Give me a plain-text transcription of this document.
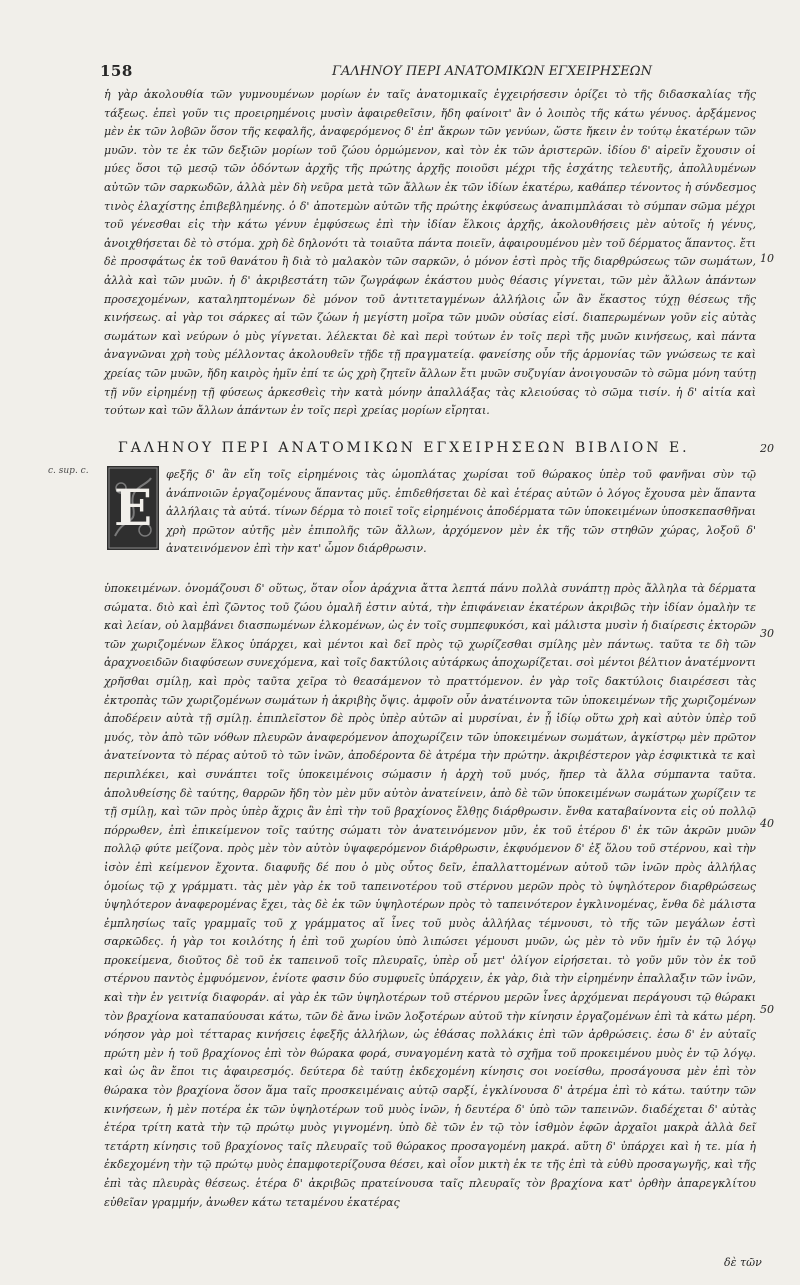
158	ΓΑΛΗΝΟΥ ΠΕΡΙ ΑΝΑΤΟΜΙΚΩΝ ΕΓΧΕΙΡΗΣΕΩΝ

ἡ γὰρ ἀκολουθία τῶν γυμνουμένων μορίων ἐν ταῖς ἀνατομικαῖς ἐγχειρήσεσιν ὁρίζει τὸ τῆς διδασκαλίας τῆς τάξεως. ἐπεὶ γοῦν τις προειρημένοις μυσὶν ἀφαιρεθεῖσιν, ἤδη φαίνοιτ' ἂν ὁ λοιπὸς τῆς κάτω γένυος. ἀρξάμενος μὲν ἐκ τῶν λοβῶν ὅσον τῆς κεφαλῆς, ἀναφερόμενος δ' ἐπ' ἄκρων τῶν γενύων, ὥστε ἤκειν ἐν τούτῳ ἑκατέρων τῶν μυῶν. τὸν τε ἐκ τῶν δεξιῶν μορίων τοῦ ζώου ὁρμώμενον, καὶ τὸν ἐκ τῶν ἀριστερῶν. ἰδίου δ' αἱρεῖν ἔχουσιν οἱ μύες ὅσοι τῷ μεσῷ τῶν ὀδόντων ἀρχῆς τῆς πρώτης ἀρχῆς ποιοῦσι μέχρι τῆς ἐσχάτης τελευτῆς, ἀπολλυμένων αὐτῶν τῶν σαρκωδῶν, ἀλλὰ μὲν δὴ νεῦρα μετὰ τῶν ἄλλων ἐκ τῶν ἰδίων ἑκατέρω, καθάπερ τένοντος ἡ σύνδεσμος τινὸς ἐλαχίστης ἐπιβεβλημένης. ὁ δ' ἀποτεμὼν αὐτῶν τῆς πρώτης ἐκφύσεως ἀναπιμπλάσαι τὸ σύμπαν σῶμα μέχρι τοῦ γένεσθαι εἰς τὴν κάτω γένυν ἐμφύσεως ἐπὶ τὴν ἰδίαν ἕλκοις ἀρχῆς, ἀκολουθήσεις μὲν αὐτοῖς ἡ γένυς, ἀνοιχθήσεται δὲ τὸ στόμα. χρὴ δὲ δηλονότι τὰ τοιαῦτα πάντα ποιεῖν, ἀφαιρουμένου μὲν τοῦ δέρματος ἅπαντος. ἔτι δὲ προσφάτως ἐκ τοῦ θανάτου ἢ διὰ τὸ μαλακὸν τῶν σαρκῶν, ὁ μόνον ἐστὶ πρὸς τῆς διαρθρώσεως τῶν σωμάτων, ἀλλὰ καὶ τῶν μυῶν. ἡ δ' ἀκριβεστάτη τῶν ζωγράφων ἑκάστου μυὸς θέασις γίγνεται, τῶν μὲν ἄλλων ἀπάντων προσεχομένων, καταληπτομένων δὲ μόνον τοῦ ἀντιτεταγμένων ἀλλήλοις ὧν ἂν ἕκαστος τύχῃ θέσεως τῆς κινήσεως. αἱ γὰρ τοι σάρκες αἱ τῶν ζώων ἡ μεγίστη μοῖρα τῶν μυῶν οὐσίας εἰσί. διαπερωμένων γοῦν εἰς αὐτὰς σωμάτων καὶ νεύρων ὁ μὺς γίγνεται. λέλεκται δὲ καὶ περὶ τούτων ἐν τοῖς περὶ τῆς μυῶν κινήσεως, καὶ πάντα ἀναγνῶναι χρὴ τοὺς μέλλοντας ἀκολουθεῖν τῇδε τῇ πραγματείᾳ. φανείσης οὖν τῆς ἁρμονίας τῶν γνώσεως τε καὶ χρείας τῶν μυῶν, ἤδη καιρὸς ἡμῖν ἐπί τε ὡς χρὴ ζητεῖν ἄλλων ἔτι μυῶν συζυγίαν ἀνοιγουσῶν τὸ σῶμα μόνη ταύτῃ τῇ νῦν εἰρημένῃ τῇ φύσεως ἀρκεσθεὶς τὴν κατὰ μόνην ἀπαλλάξας τὰς κλειούσας τὸ σῶμα τισίν. ἡ δ' αἰτία καὶ τούτων καὶ τῶν ἄλλων ἁπάντων ἐν τοῖς περὶ χρείας μορίων εἴρηται.

ΓΑΛΗΝΟΥ ΠΕΡΙ ΑΝΑΤΟΜΙΚΩΝ ΕΓΧΕΙΡΗΣΕΩΝ ΒΙΒΛΙΟΝ Ε.
c. sup. c.
Ε

φεξῆς δ' ἂν εἴη τοῖς εἰρημένοις τὰς ὠμοπλάτας χωρίσαι τοῦ θώρακος ὑπὲρ τοῦ φανῆναι σὺν τῷ ἀνάπνοιῶν ἐργαζομένους ἅπαντας μῦς. ἐπιδεθήσεται δὲ καὶ ἑτέρας αὐτῶν ὁ λόγος ἔχουσα μὲν ἅπαντα ἀλλήλαις τὰ αὐτά. τίνων δέρμα τὸ ποιεῖ τοῖς εἰρημένοις ἀποδέρματα τῶν ὑποκειμένων ὑποσκεπασθῆναι χρὴ πρῶτον αὐτῆς μὲν ἐπιπολῆς τῶν ἄλλων, ἀρχόμενον μὲν ἐκ τῆς τῶν στηθῶν χώρας, λοξοῦ δ' ἀνατεινόμενον ἐπὶ τὴν κατ' ὦμον διάρθρωσιν.

ὑποκειμένων. ὀνομάζουσι δ' οὕτως, ὅταν οἷον ἀράχνια ἄττα λεπτά πάνυ πολλὰ συνάπτῃ πρὸς ἄλληλα τὰ δέρματα σώματα. διὸ καὶ ἐπὶ ζῶντος τοῦ ζώου ὁμαλῆ ἐστιν αὐτά, τὴν ἐπιφάνειαν ἑκατέρων ἀκριβῶς τὴν ἰδίαν ὁμαλὴν τε καὶ λείαν, οὐ λαμβάνει διασπωμένων ἑλκομένων, ὡς ἐν τοῖς συμπεφυκόσι, καὶ μάλιστα μυσὶν ἡ διαίρεσις ἐκτορῶν τῶν χωριζομένων ἕλκος ὑπάρχει, καὶ μέντοι καὶ δεῖ πρὸς τῷ χωρίζεσθαι σμίλης μὲν πάντως. ταῦτα τε δὴ τῶν ἀραχνοειδῶν διαφύσεων συνεχόμενα, καὶ τοῖς δακτύλοις αὐτάρκως ἀποχωρίζεται. σοὶ μέντοι βέλτιον ἀνατέμνοντι χρῆσθαι σμίλῃ, καὶ πρὸς ταῦτα χεῖρα τὸ θεασάμενον τὸ πραττόμενον. ἐν γὰρ τοῖς δακτύλοις διαιρέσεσι τὰς ἐκτροπὰς τῶν χωριζομένων σωμάτων ἡ ἀκριβὴς ὄψις. ἀμφοῖν οὖν ἀνατέινοντα τῶν ὑποκειμένων τῆς χωριζομένων ἀποδέρειν αὐτὰ τῇ σμίλῃ. ἐπιπλεῖστον δὲ πρὸς ὑπὲρ αὐτῶν αἱ μυρσίναι, ἐν ᾗ ἰδίῳ οὕτω χρὴ καὶ αὐτὸν ὑπὲρ τοῦ μυός, τὸν ἀπὸ τῶν νόθων πλευρῶν ἀναφερόμενον ἀποχωρίζειν τῶν ὑποκειμένων σωμάτων, ἀγκίστρῳ μὲν πρῶτον ἀνατείνοντα τὸ πέρας αὐτοῦ τὸ τῶν ἰνῶν, ἀποδέροντα δὲ ἀτρέμα τὴν πρώτην. ἀκριβέστερον γὰρ ἐσφικτικὰ τε καὶ περιπλέκει, καὶ συνάπτει τοῖς ὑποκειμένοις σώμασιν ἡ ἀρχὴ τοῦ μυός, ἤπερ τὰ ἄλλα σύμπαντα ταῦτα. ἀπολυθείσης δὲ ταύτης, θαρρῶν ἤδη τὸν μὲν μῦν αὐτὸν ἀνατείνειν, ἀπὸ δὲ τῶν ὑποκειμένων σωμάτων χωρίζειν τε τῇ σμίλῃ, καὶ τῶν πρὸς ὑπὲρ ἄχρις ἂν ἐπὶ τὴν τοῦ βραχίονος ἔλθῃς διάρθρωσιν. ἔνθα καταβαίνοντα εἰς οὐ πολλῷ πόρρωθεν, ἐπὶ ἐπικείμενον τοῖς ταύτης σώματι τὸν ἀνατεινόμενον μῦν, ἐκ τοῦ ἑτέρου δ' ἐκ τῶν ἀκρῶν μυῶν πολλῷ φύτε μείζονα. πρὸς μὲν τὸν αὐτὸν ὑψαφερόμενον διάρθρωσιν, ἐκφυόμενον δ' ἐξ ὅλου τοῦ στέρνου, καὶ τὴν ἰσὸν ἐπὶ κείμενον ἔχοντα. διαφυῆς δέ που ὁ μὺς οὗτος δεῖν, ἐπαλλαττομένων αὐτοῦ τῶν ἰνῶν πρὸς ἀλλήλας ὁμοίως τῷ χ γράμματι. τὰς μὲν γὰρ ἐκ τοῦ ταπεινοτέρου τοῦ στέρνου μερῶν πρὸς τὸ ὑψηλότερον διαρθρώσεως ὑψηλότερον ἀναφερομένας ἔχει, τὰς δὲ ἐκ τῶν ὑψηλοτέρων πρὸς τὸ ταπεινότερον ἐγκλινομένας, ἔνθα δὲ μάλιστα ἐμπλησίως ταῖς γραμμαῖς τοῦ χ γράμματος αἵ ἶνες τοῦ μυὸς ἀλλήλας τέμνουσι, τὸ τῆς τῶν μεγάλων ἐστὶ σαρκῶδες. ἡ γὰρ τοι κοιλότης ἡ ἐπὶ τοῦ χωρίου ὑπὸ λιπώσει γέμουσι μυῶν, ὡς μὲν τὸ νῦν ἡμῖν ἐν τῷ λόγῳ προκείμενα, διοῦτος δὲ τοῦ ἐκ ταπεινοῦ τοῖς πλευραῖς, ὑπὲρ οὗ μετ' ὀλίγον εἰρήσεται. τὸ γοῦν μῦν τὸν ἐκ τοῦ στέρνου παντὸς ἐμφυόμενον, ἐνίοτε φασιν δύο συμφυεῖς ὑπάρχειν, ἐκ γὰρ, διὰ τὴν εἰρημένην ἐπαλλαξιν τῶν ἰνῶν, καὶ τὴν ἐν γειτνίᾳ διαφοράν. αἱ γὰρ ἐκ τῶν ὑψηλοτέρων τοῦ στέρνου μερῶν ἶνες ἀρχόμεναι περάγουσι τῷ θώρακι τὸν βραχίονα καταπαύουσαι κάτω, τῶν δὲ ἄνω ἰνῶν λοξοτέρων αὐτοῦ τὴν κίνησιν ἐργαζομένων ἐπὶ τὰ κάτω μέρη. νόησον γὰρ μοὶ τέτταρας κινήσεις ἐφεξῆς ἀλλήλων, ὡς ἐθάσας πολλάκις ἐπὶ τῶν ἀρθρώσεις. ἐσω δ' ἐν αὐταῖς πρώτη μὲν ἡ τοῦ βραχίονος ἐπὶ τὸν θώρακα φορά, συναγομένη κατὰ τὸ σχῆμα τοῦ προκειμένου μυὸς ἐν τῷ λόγῳ. καὶ ὡς ἂν ἔποι τις ἀφαιρεσμός. δεύτερα δὲ ταύτῃ ἐκδεχομένη κίνησις σοι νοείσθω, προσάγουσα μὲν ἐπὶ τὸν θώρακα τὸν βραχίονα ὅσον ἅμα ταῖς προσκειμέναις αὐτῷ σαρξί, ἐγκλίνουσα δ' ἀτρέμα ἐπὶ τὸ κάτω. ταύτην τῶν κινήσεων, ἡ μὲν ποτέρα ἐκ τῶν ὑψηλοτέρων τοῦ μυὸς ἰνῶν, ἡ δευτέρα δ' ὑπὸ τῶν ταπεινῶν. διαδέχεται δ' αὐτὰς ἑτέρα τρίτη κατὰ τὴν τῷ πρώτῳ μυὸς γιγνομένη. ὑπὸ δὲ τῶν ἐν τῷ τὸν ἰσθμὸν ἐφῶν ἀρχαῖοι μακρὰ ἀλλὰ δεῖ τετάρτη κίνησις τοῦ βραχίονος ταῖς πλευραῖς τοῦ θώρακος προσαγομένη μακρά. αὕτη δ' ὑπάρχει καὶ ἡ τε. μία ἡ ἐκδεχομένη τὴν τῷ πρώτῳ μυὸς ἐπαμφοτερίζουσα θέσει, καὶ οἷον μικτὴ ἐκ τε τῆς ἐπὶ τὰ εὐθὺ προσαγωγῆς, καὶ τῆς ἐπὶ τὰς πλευρὰς θέσεως. ἑτέρα δ' ἀκριβῶς πρατείνουσα ταῖς πλευραῖς τὸν βραχίονα κατ' ὀρθὴν ἀπαρεγκλίτου εὐθεῖαν γραμμήν, ἀνωθεν κάτω τεταμένου ἑκατέρας

10
20
30
40
50
δὲ τῶν
